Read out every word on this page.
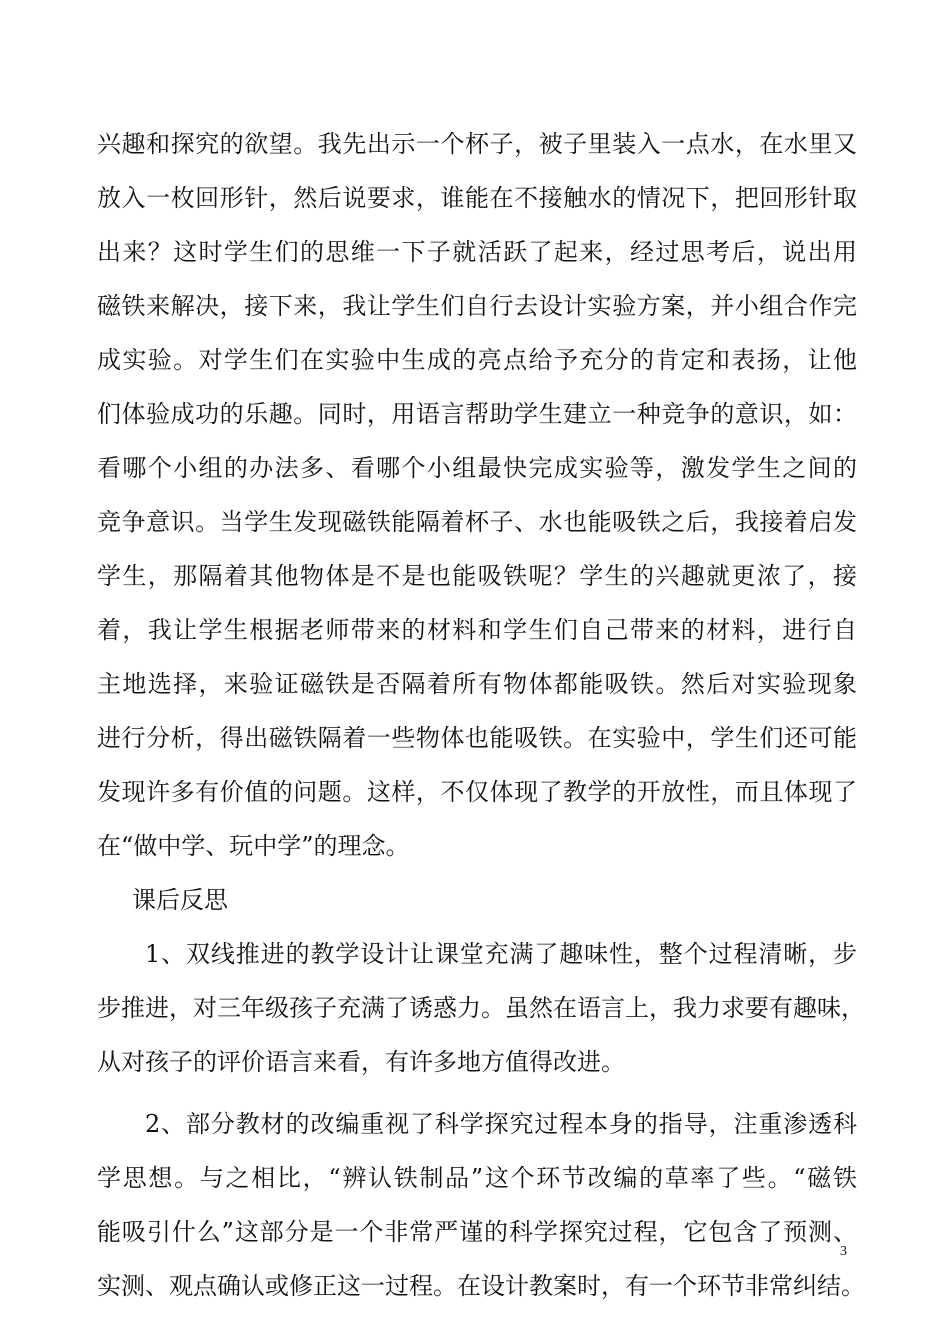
兴趣和探究的欲望。我先出示一个杯子，被子里装入一点水，在水里又
放入一枚回形针，然后说要求，谁能在不接触水的情况下，把回形针取
出来？这时学生们的思维一下子就活跃了起来，经过思考后，说出用
磁铁来解决，接下来，我让学生们自行去设计实验方案，并小组合作完
成实验。对学生们在实验中生成的亮点给予充分的肯定和表扬，让他
们体验成功的乐趣。同时，用语言帮助学生建立一种竞争的意识，如：
看哪个小组的办法多、看哪个小组最快完成实验等，激发学生之间的
竞争意识。当学生发现磁铁能隔着杯子、水也能吸铁之后，我接着启发
学生，那隔着其他物体是不是也能吸铁呢？学生的兴趣就更浓了，接
着，我让学生根据老师带来的材料和学生们自己带来的材料，进行自
主地选择，来验证磁铁是否隔着所有物体都能吸铁。然后对实验现象
进行分析，得出磁铁隔着一些物体也能吸铁。在实验中，学生们还可能
发现许多有价值的问题。这样，不仅体现了教学的开放性，而且体现了
在“做中学、玩中学”的理念。
课后反思
1、双线推进的教学设计让课堂充满了趣味性，整个过程清晰，步
步推进，对三年级孩子充满了诱惑力。虽然在语言上，我力求要有趣味，
从对孩子的评价语言来看，有许多地方值得改进。
2、部分教材的改编重视了科学探究过程本身的指导，注重渗透科
学思想。与之相比，“辨认铁制品”这个环节改编的草率了些。“磁铁
能吸引什么”这部分是一个非常严谨的科学探究过程，它包含了预测、
实测、观点确认或修正这一过程。在设计教案时，有一个环节非常纠结。
3
